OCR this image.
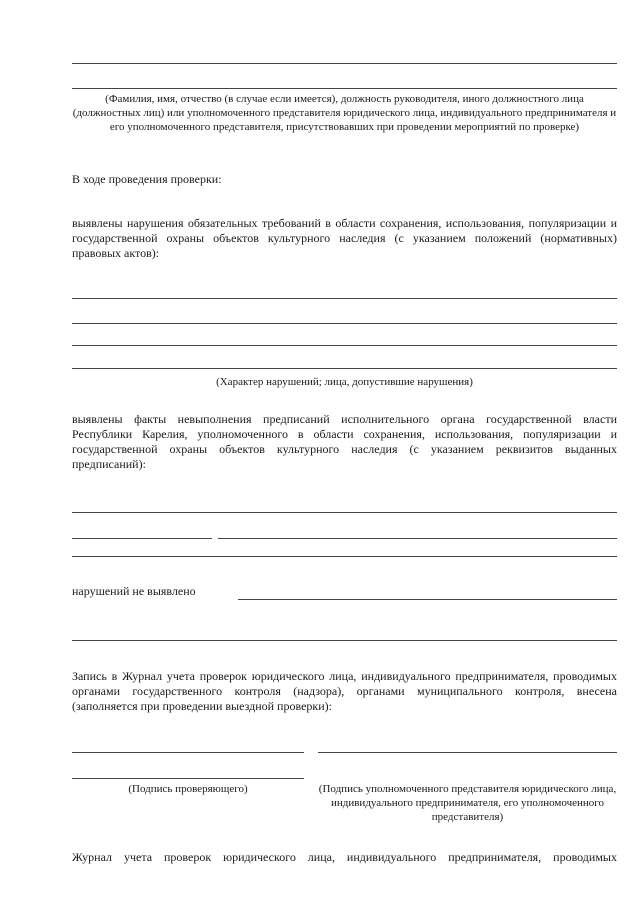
(Фамилия, имя, отчество (в случае если имеется), должность руководителя, иного должностного лица (должностных лиц) или уполномоченного представителя юридического лица, индивидуального предпринимателя и его уполномоченного представителя, присутствовавших при проведении мероприятий по проверке)
В ходе проведения проверки:
выявлены нарушения обязательных требований в области сохранения, использования, популяризации и государственной охраны объектов культурного наследия (с указанием положений (нормативных) правовых актов):
(Характер нарушений; лица, допустившие нарушения)
выявлены факты невыполнения предписаний исполнительного органа государственной власти Республики Карелия, уполномоченного в области сохранения, использования, популяризации и государственной охраны объектов культурного наследия (с указанием реквизитов выданных предписаний):
нарушений не выявлено
Запись в Журнал учета проверок юридического лица, индивидуального предпринимателя, проводимых органами государственного контроля (надзора), органами муниципального контроля, внесена (заполняется при проведении выездной проверки):
(Подпись проверяющего)	(Подпись уполномоченного представителя юридического лица, индивидуального предпринимателя, его уполномоченного представителя)
Журнал учета проверок юридического лица, индивидуального предпринимателя, проводимых
